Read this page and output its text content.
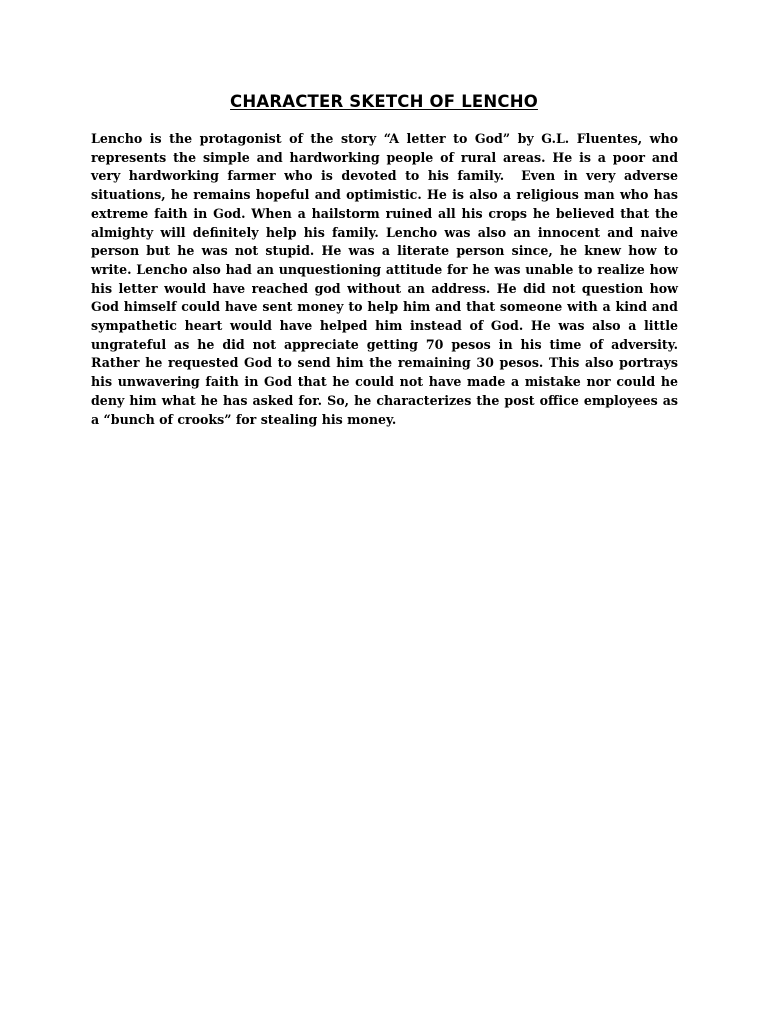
CHARACTER SKETCH OF LENCHO

Lencho is the protagonist of the story “A letter to God” by G.L. Fluentes, who represents the simple and hardworking people of rural areas. He is a poor and very hardworking farmer who is devoted to his family.  Even in very adverse situations, he remains hopeful and optimistic. He is also a religious man who has extreme faith in God. When a hailstorm ruined all his crops he believed that the almighty will definitely help his family. Lencho was also an innocent and naive person but he was not stupid. He was a literate person since, he knew how to write. Lencho also had an unquestioning attitude for he was unable to realize how his letter would have reached god without an address. He did not question how God himself could have sent money to help him and that someone with a kind and sympathetic heart would have helped him instead of God. He was also a little ungrateful as he did not appreciate getting 70 pesos in his time of adversity. Rather he requested God to send him the remaining 30 pesos. This also portrays his unwavering faith in God that he could not have made a mistake nor could he deny him what he has asked for. So, he characterizes the post office employees as a “bunch of crooks” for stealing his money.
